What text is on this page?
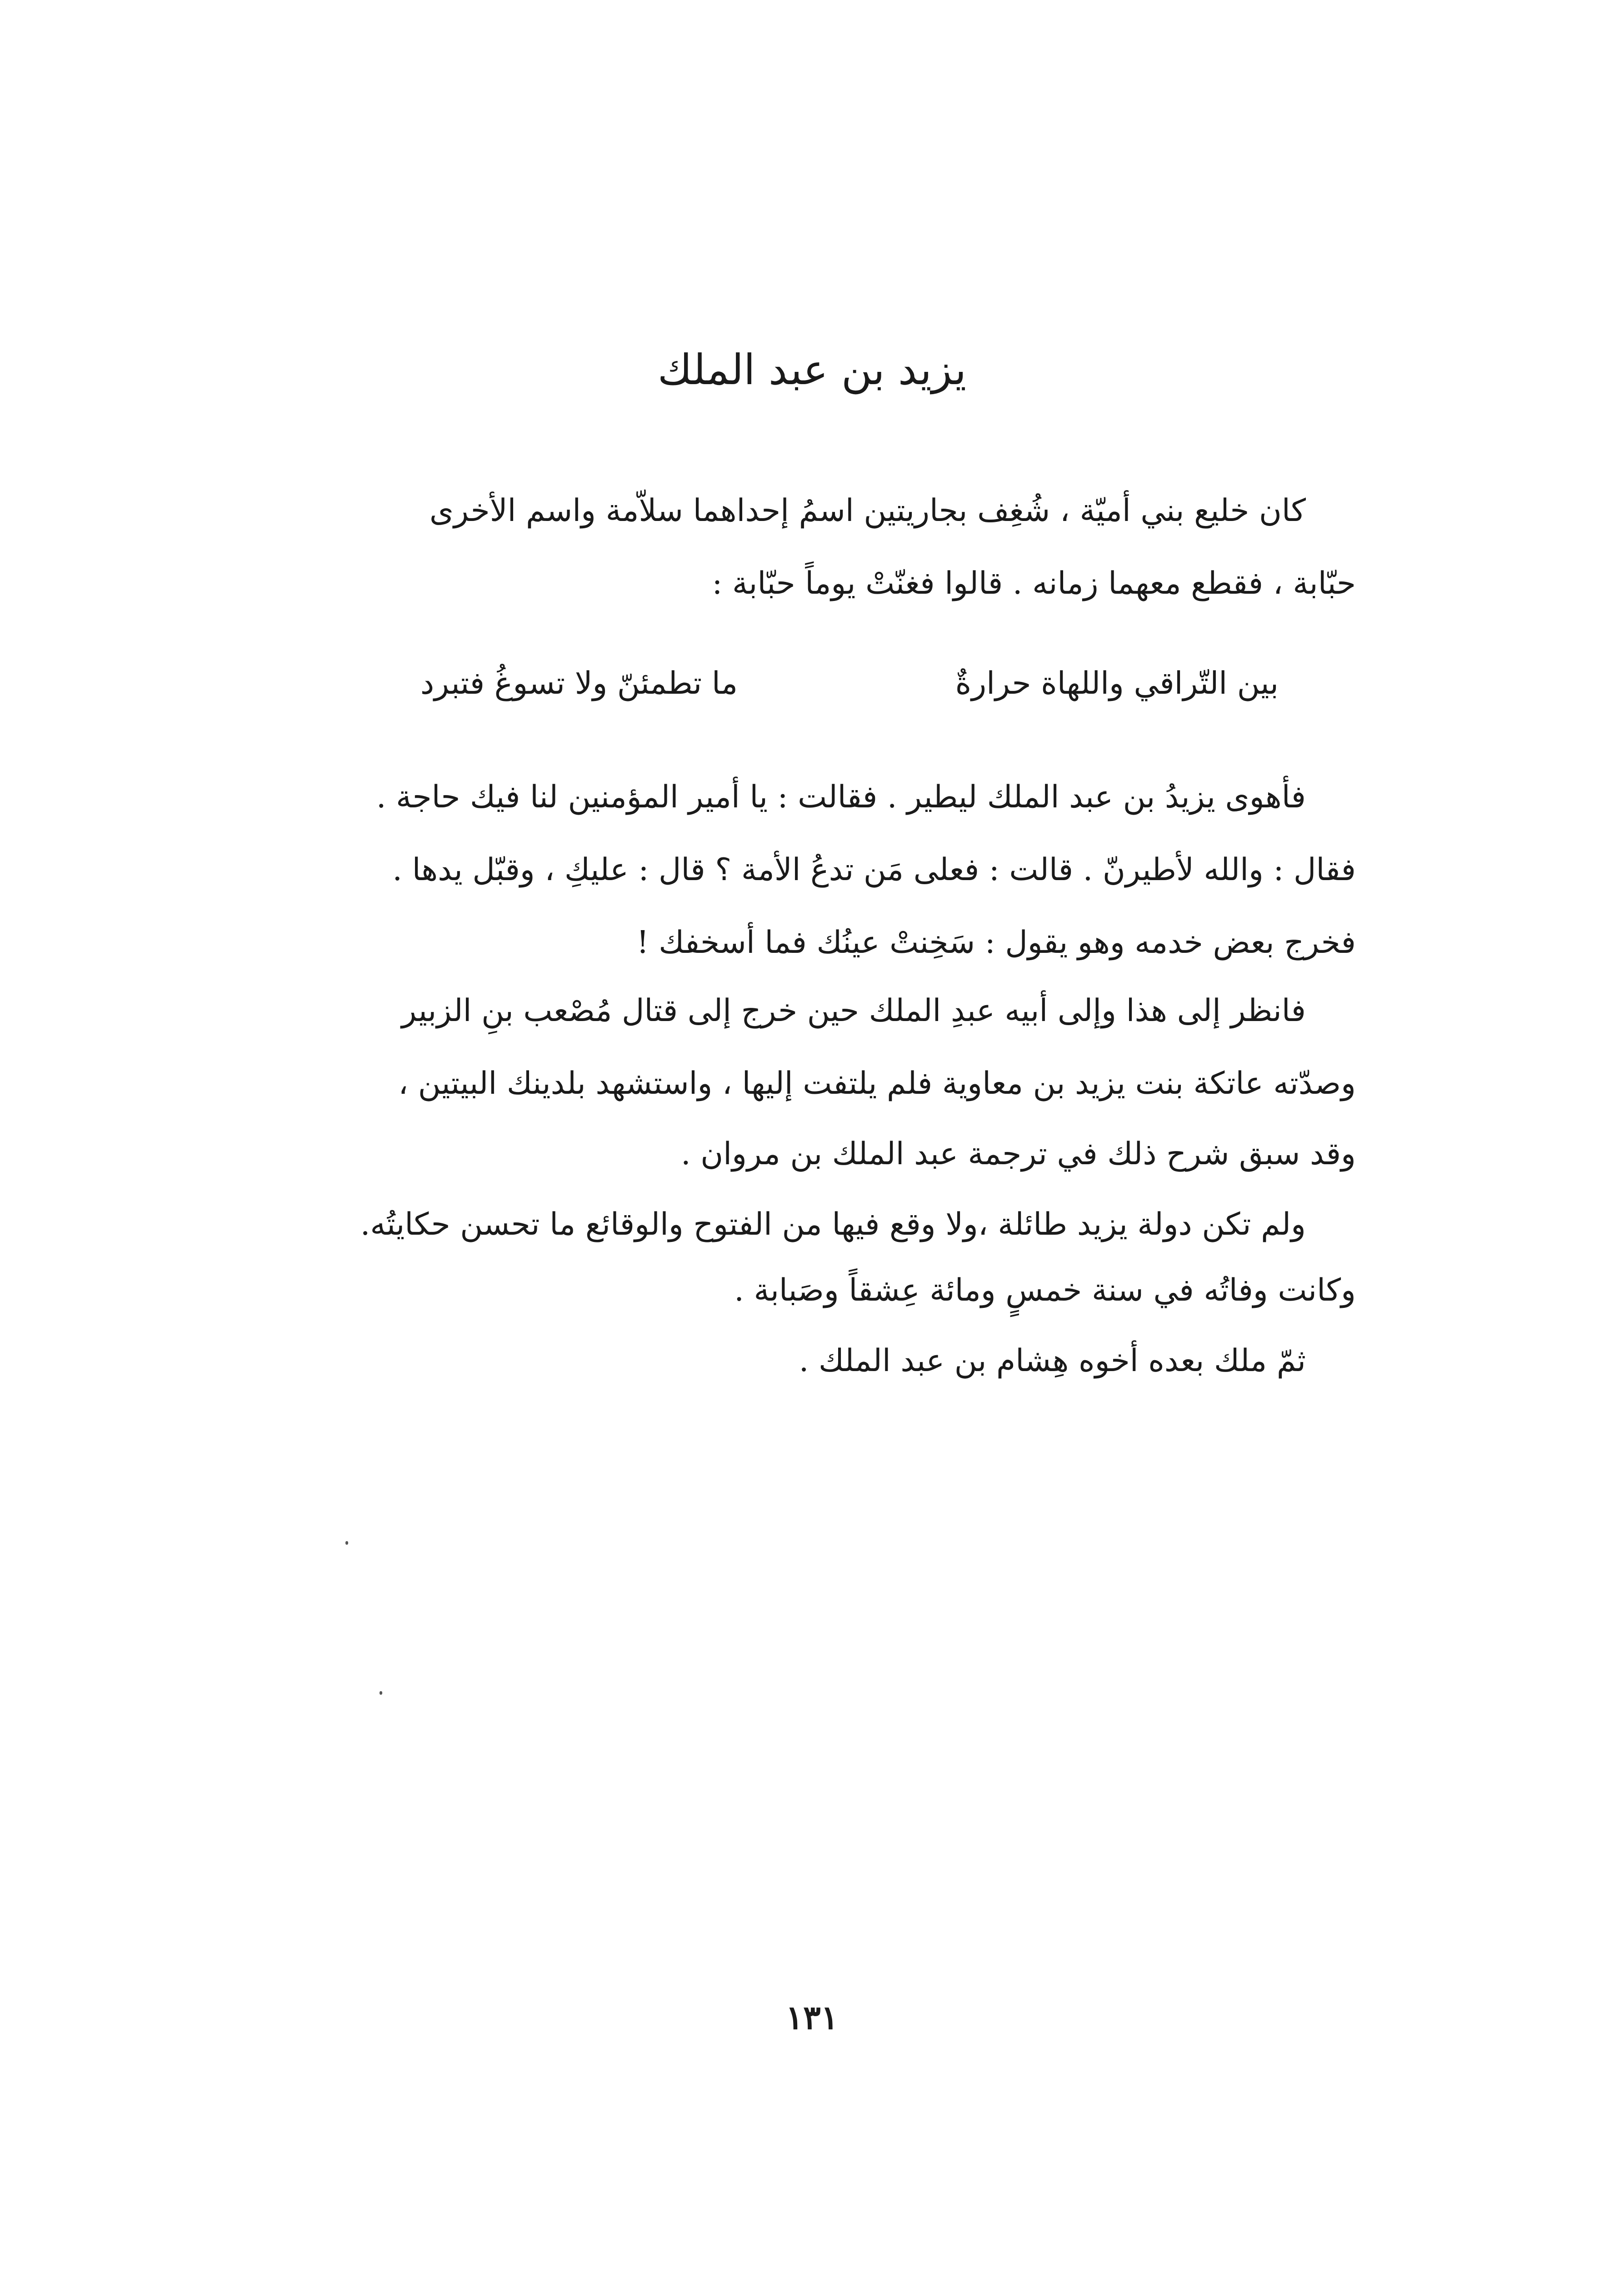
يزيد بن عبد الملك

كان خليع بني أميّة ، شُغِف بجاريتين اسمُ إحداهما سلاّمة واسم الأخرى

حبّابة ، فقطع معهما زمانه . قالوا فغنّتْ يوماً حبّابة :

بين التّراقي واللهاة حرارةٌ
ما تطمئنّ ولا تسوغُ فتبرد

فأهوى يزيدُ بن عبد الملك ليطير . فقالت : يا أمير المؤمنين لنا فيك حاجة .

فقال : والله لأطيرنّ . قالت : فعلى مَن تدعُ الأمة ؟ قال : عليكِ ، وقبّل يدها .

فخرج بعض خدمه وهو يقول : سَخِنتْ عينُك فما أسخفك !

فانظر إلى هذا وإلى أبيه عبدِ الملك حين خرج إلى قتال مُصْعب بنِ الزبير

وصدّته عاتكة بنت يزيد بن معاوية فلم يلتفت إليها ، واستشهد بلدينك البيتين ،

وقد سبق شرح ذلك في ترجمة عبد الملك بن مروان .

ولم تكن دولة يزيد طائلة ،ولا وقع فيها من الفتوح والوقائع ما تحسن حكايتُه.

وكانت وفاتُه في سنة خمسٍ ومائة عِشقاً وصَبابة .

ثمّ ملك بعده أخوه هِشام بن عبد الملك .

١٣١
